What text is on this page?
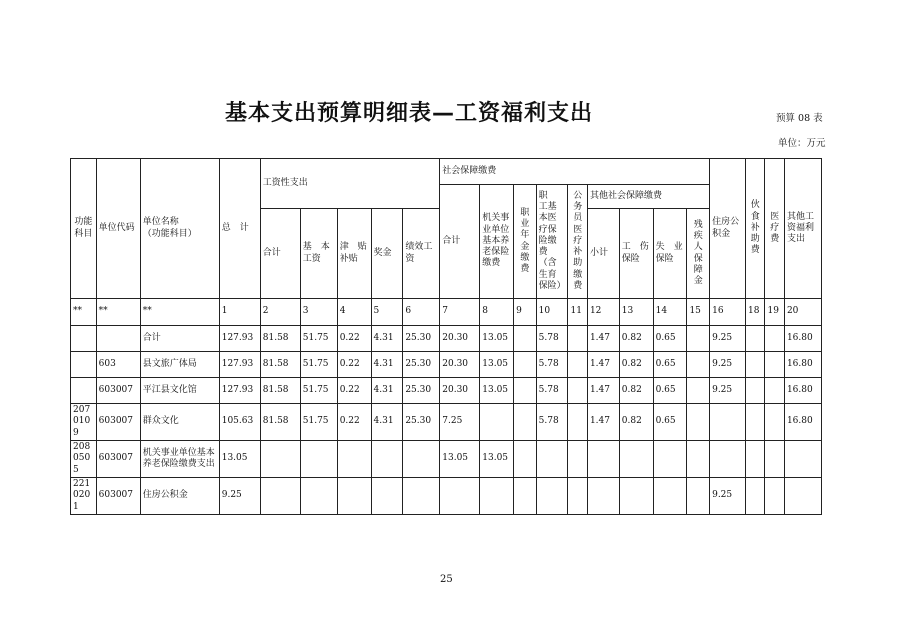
基本支出预算明细表—工资福利支出	预算 08 表
单位：万元
功能科目	单位代码	单位名称
（功能科目）	总　计	工资性支出					社会保障缴费									住房公积金	伙食补助费	医疗费	其他工资福利支出
									合计	机关事业单位基本养老保险缴费	职业年金缴费	职　工基本医疗保险缴费（含生育保险）	公务员医疗补助缴费	其他社会保障缴费							
				合计	基　本工资	津　贴补贴	奖金	绩效工资						小计	工　伤保险	失　业保险	残疾人保障金				
**	**	**	1	2	3	4	5	6	7	8	9	10	11	12	13	14	15	16	18	19	20
		合计	127.93	81.58	51.75	0.22	4.31	25.30	20.30	13.05		5.78		1.47	0.82	0.65		9.25			16.80
	603	县文旅广体局	127.93	81.58	51.75	0.22	4.31	25.30	20.30	13.05		5.78		1.47	0.82	0.65		9.25			16.80
	603007	平江县文化馆	127.93	81.58	51.75	0.22	4.31	25.30	20.30	13.05		5.78		1.47	0.82	0.65		9.25			16.80
2070109	603007	群众文化	105.63	81.58	51.75	0.22	4.31	25.30	7.25			5.78		1.47	0.82	0.65					16.80
2080505	603007	机关事业单位基本养老保险缴费支出	13.05						13.05	13.05											
2210201	603007	住房公积金	9.25															9.25			
25
